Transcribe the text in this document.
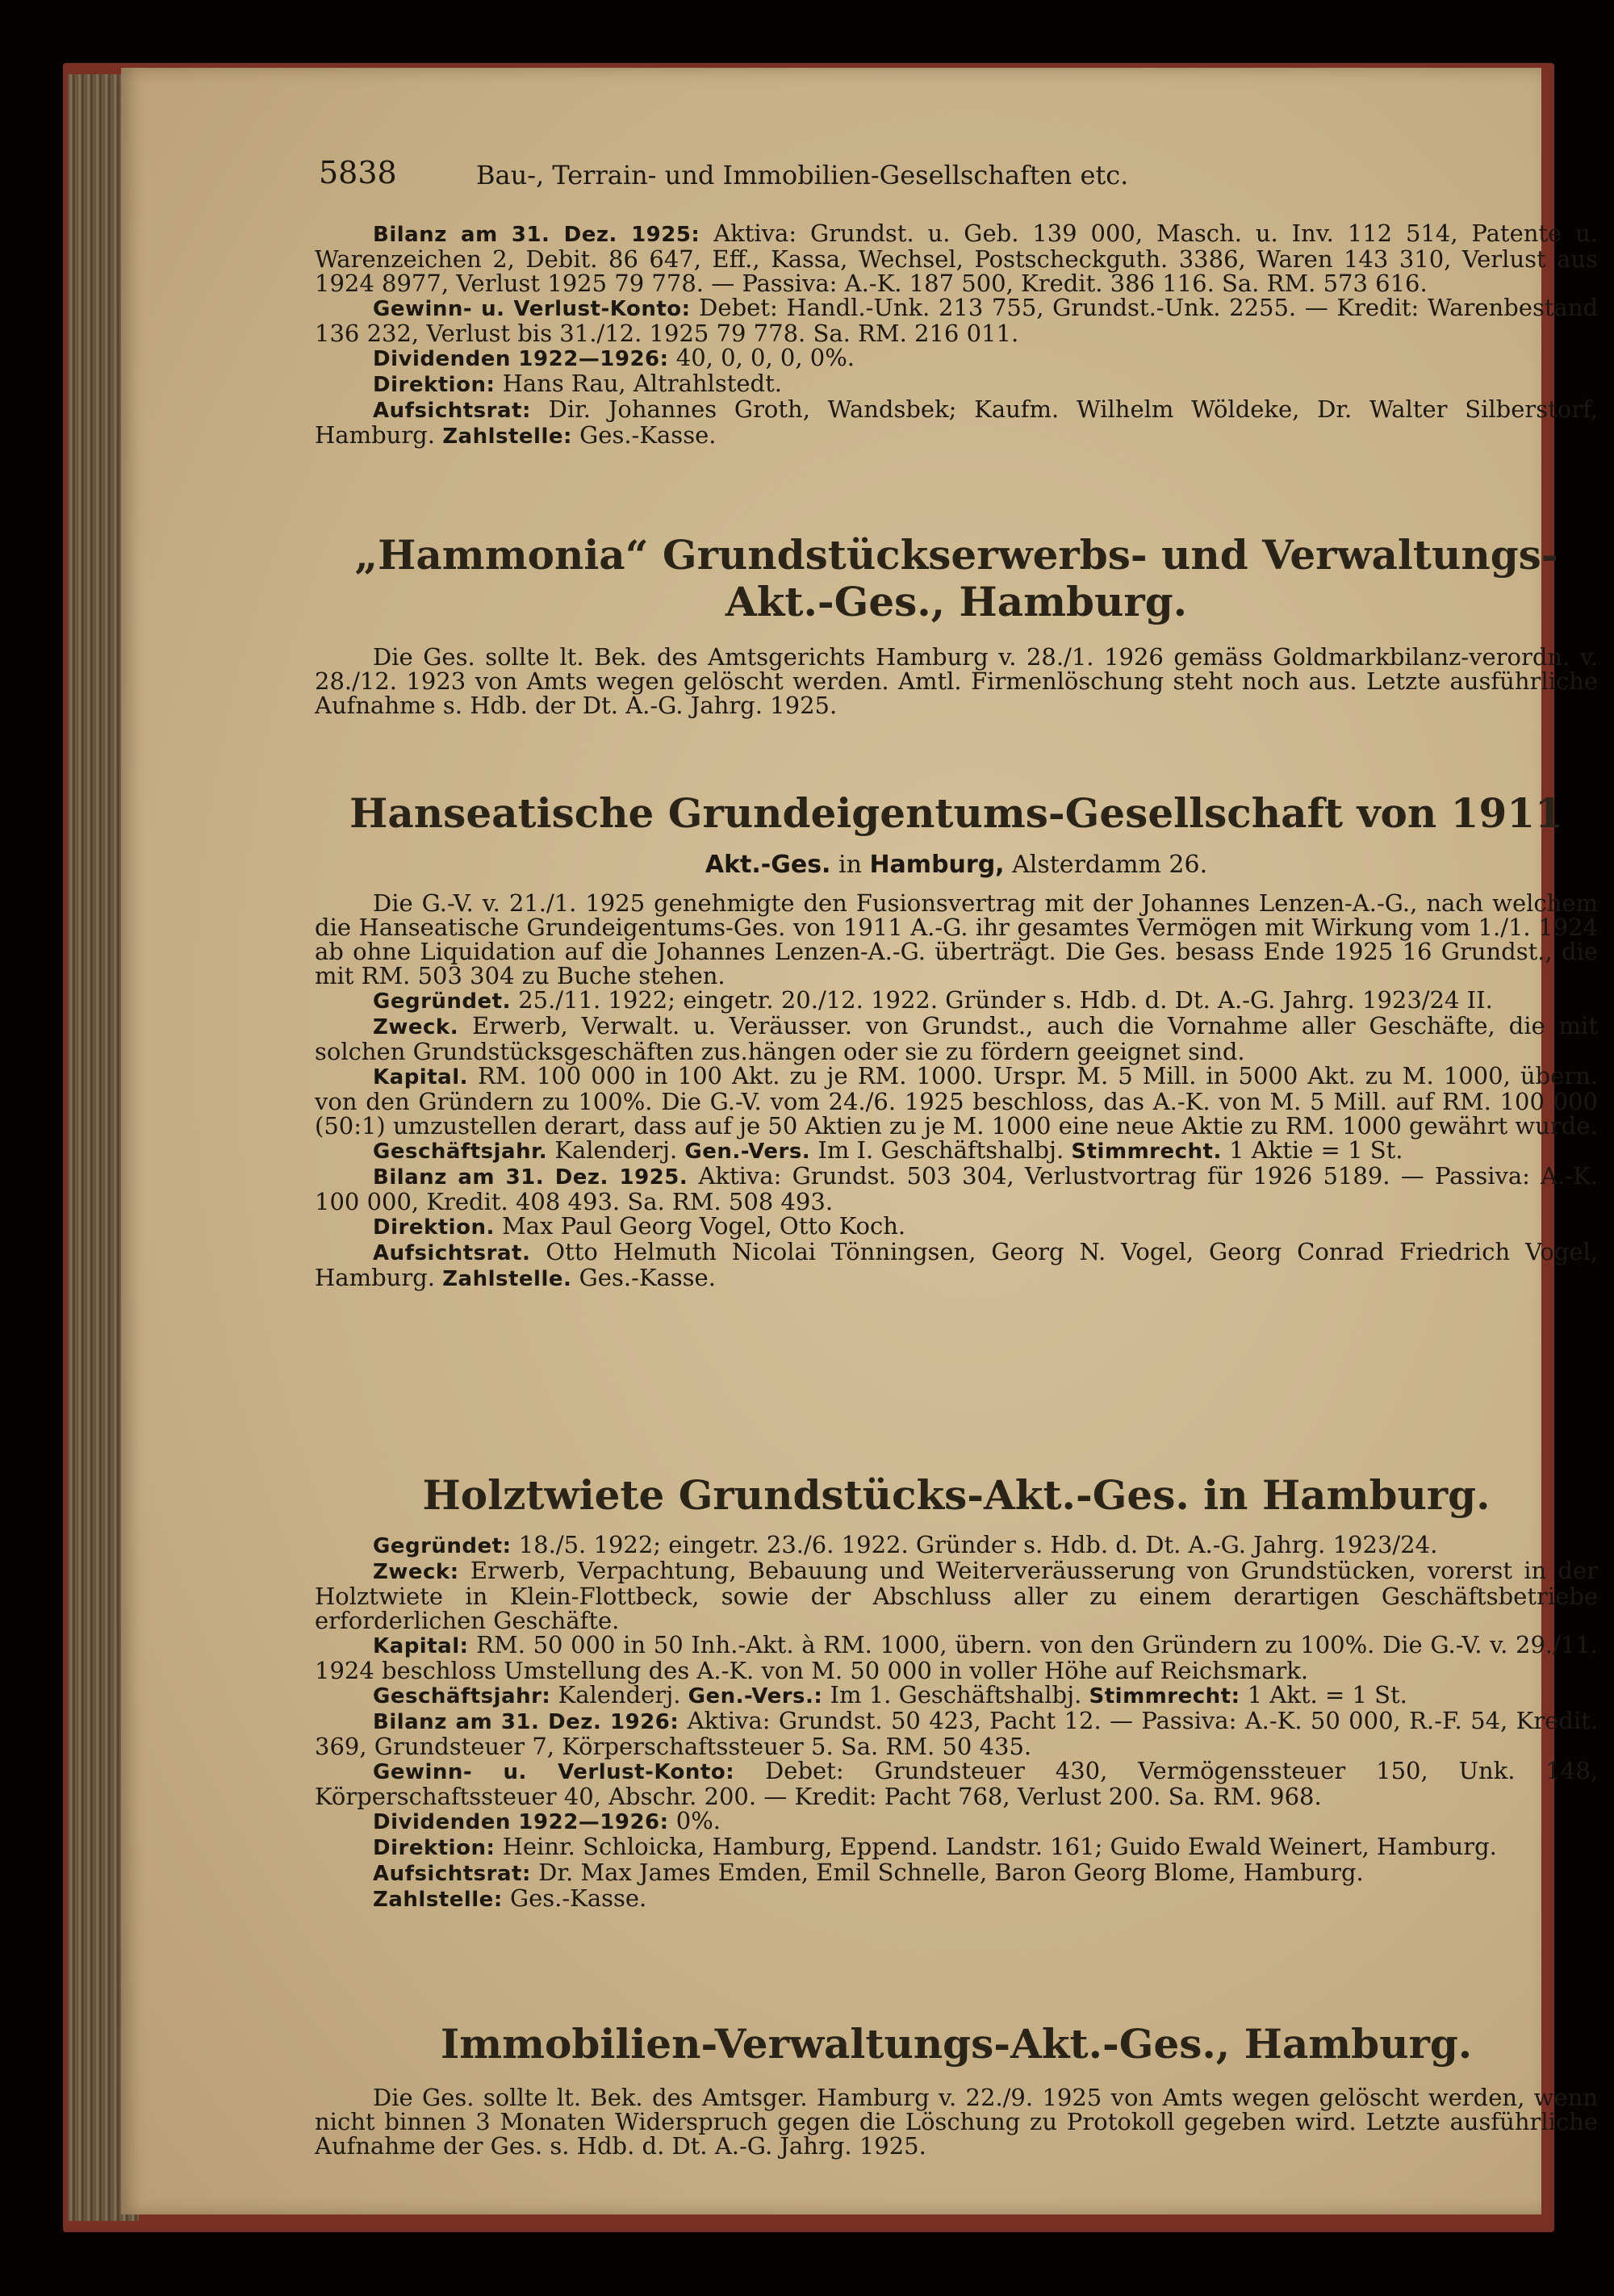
5838	Bau-, Terrain- und Immobilien-Gesellschaften etc.

Bilanz am 31. Dez. 1925: Aktiva: Grundst. u. Geb. 139 000, Masch. u. Inv. 112 514, Patente u. Warenzeichen 2, Debit. 86 647, Eff., Kassa, Wechsel, Postscheckguth. 3386, Waren 143 310, Verlust aus 1924 8977, Verlust 1925 79 778. — Passiva: A.-K. 187 500, Kredit. 386 116. Sa. RM. 573 616.

Gewinn- u. Verlust-Konto: Debet: Handl.-Unk. 213 755, Grundst.-Unk. 2255. — Kredit: Warenbestand 136 232, Verlust bis 31./12. 1925 79 778. Sa. RM. 216 011.

Dividenden 1922—1926: 40, 0, 0, 0, 0%.

Direktion: Hans Rau, Altrahlstedt.

Aufsichtsrat: Dir. Johannes Groth, Wandsbek; Kaufm. Wilhelm Wöldeke, Dr. Walter Silberstorf, Hamburg. Zahlstelle: Ges.-Kasse.

„Hammonia“ Grundstückserwerbs- und Verwaltungs-
Akt.-Ges., Hamburg.

Die Ges. sollte lt. Bek. des Amtsgerichts Hamburg v. 28./1. 1926 gemäss Goldmarkbilanz-verordn. v. 28./12. 1923 von Amts wegen gelöscht werden. Amtl. Firmenlöschung steht noch aus. Letzte ausführliche Aufnahme s. Hdb. der Dt. A.-G. Jahrg. 1925.

Hanseatische Grundeigentums-Gesellschaft von 1911
Akt.-Ges. in Hamburg, Alsterdamm 26.

Die G.-V. v. 21./1. 1925 genehmigte den Fusionsvertrag mit der Johannes Lenzen-A.-G., nach welchem die Hanseatische Grundeigentums-Ges. von 1911 A.-G. ihr gesamtes Vermögen mit Wirkung vom 1./1. 1924 ab ohne Liquidation auf die Johannes Lenzen-A.-G. überträgt. Die Ges. besass Ende 1925 16 Grundst., die mit RM. 503 304 zu Buche stehen.

Gegründet. 25./11. 1922; eingetr. 20./12. 1922. Gründer s. Hdb. d. Dt. A.-G. Jahrg. 1923/24 II.

Zweck. Erwerb, Verwalt. u. Veräusser. von Grundst., auch die Vornahme aller Geschäfte, die mit solchen Grundstücksgeschäften zus.hängen oder sie zu fördern geeignet sind.

Kapital. RM. 100 000 in 100 Akt. zu je RM. 1000. Urspr. M. 5 Mill. in 5000 Akt. zu M. 1000, übern. von den Gründern zu 100%. Die G.-V. vom 24./6. 1925 beschloss, das A.-K. von M. 5 Mill. auf RM. 100 000 (50:1) umzustellen derart, dass auf je 50 Aktien zu je M. 1000 eine neue Aktie zu RM. 1000 gewährt wurde.

Geschäftsjahr. Kalenderj. Gen.-Vers. Im I. Geschäftshalbj. Stimmrecht. 1 Aktie = 1 St.

Bilanz am 31. Dez. 1925. Aktiva: Grundst. 503 304, Verlustvortrag für 1926 5189. — Passiva: A.-K. 100 000, Kredit. 408 493. Sa. RM. 508 493.

Direktion. Max Paul Georg Vogel, Otto Koch.

Aufsichtsrat. Otto Helmuth Nicolai Tönningsen, Georg N. Vogel, Georg Conrad Friedrich Vogel, Hamburg. Zahlstelle. Ges.-Kasse.

Holztwiete Grundstücks-Akt.-Ges. in Hamburg.

Gegründet: 18./5. 1922; eingetr. 23./6. 1922. Gründer s. Hdb. d. Dt. A.-G. Jahrg. 1923/24.

Zweck: Erwerb, Verpachtung, Bebauung und Weiterveräusserung von Grundstücken, vorerst in der Holztwiete in Klein-Flottbeck, sowie der Abschluss aller zu einem derartigen Geschäftsbetriebe erforderlichen Geschäfte.

Kapital: RM. 50 000 in 50 Inh.-Akt. à RM. 1000, übern. von den Gründern zu 100%. Die G.-V. v. 29./11. 1924 beschloss Umstellung des A.-K. von M. 50 000 in voller Höhe auf Reichsmark.

Geschäftsjahr: Kalenderj. Gen.-Vers.: Im 1. Geschäftshalbj. Stimmrecht: 1 Akt. = 1 St.

Bilanz am 31. Dez. 1926: Aktiva: Grundst. 50 423, Pacht 12. — Passiva: A.-K. 50 000, R.-F. 54, Kredit. 369, Grundsteuer 7, Körperschaftssteuer 5. Sa. RM. 50 435.

Gewinn- u. Verlust-Konto: Debet: Grundsteuer 430, Vermögenssteuer 150, Unk. 148, Körperschaftssteuer 40, Abschr. 200. — Kredit: Pacht 768, Verlust 200. Sa. RM. 968.

Dividenden 1922—1926: 0%.

Direktion: Heinr. Schloicka, Hamburg, Eppend. Landstr. 161; Guido Ewald Weinert, Hamburg.

Aufsichtsrat: Dr. Max James Emden, Emil Schnelle, Baron Georg Blome, Hamburg.

Zahlstelle: Ges.-Kasse.

Immobilien-Verwaltungs-Akt.-Ges., Hamburg.

Die Ges. sollte lt. Bek. des Amtsger. Hamburg v. 22./9. 1925 von Amts wegen gelöscht werden, wenn nicht binnen 3 Monaten Widerspruch gegen die Löschung zu Protokoll gegeben wird. Letzte ausführliche Aufnahme der Ges. s. Hdb. d. Dt. A.-G. Jahrg. 1925.
